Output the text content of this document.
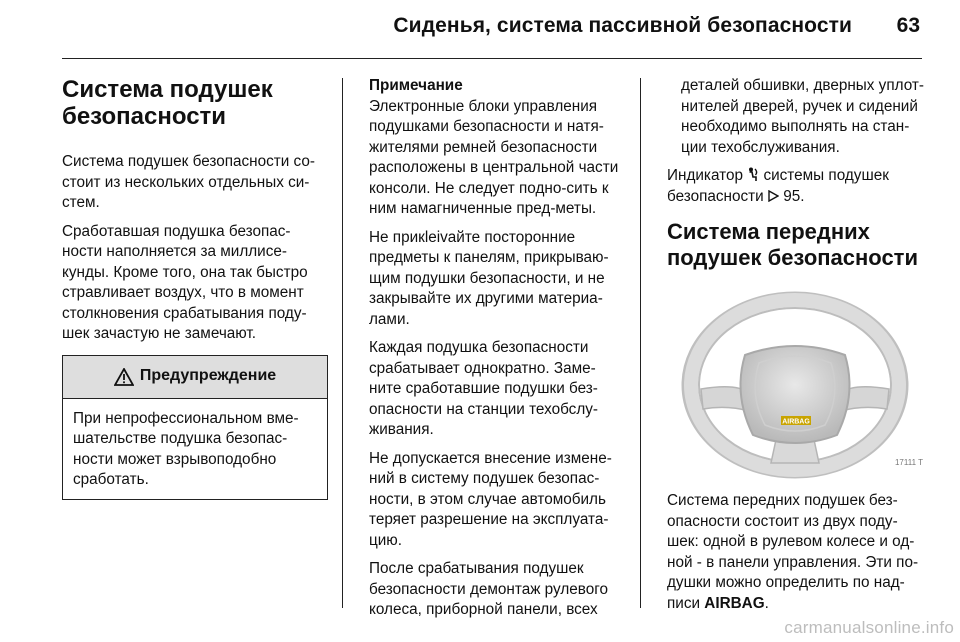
Сиденья, система пассивной безопасности 63
Система подушек безопасности

Система подушек безопасности со-стоит из нескольких отдельных си-стем.

Сработавшая подушка безопас-ности наполняется за миллисе-кунды. Кроме того, она так быстро стравливает воздух, что в момент столкновения срабатывания поду-шек зачастую не замечают.

Предупреждение
При непрофессиональном вме-шательстве подушка безопас-ности может взрывоподобно сработать.

Примечание
Электронные блоки управления подушками безопасности и натя-жителями ремней безопасности расположены в центральной части консоли. Не следует подно-сить к ним намагниченные пред-меты.

Не прикleivайте посторонние предметы к панелям, прикрываю-щим подушки безопасности, и не закрывайте их другими материа-лами.

Каждая подушка безопасности срабатывает однократно. Заме-ните сработавшие подушки без-опасности на станции техобслу-живания.

Не допускается внесение измене-ний в систему подушек безопас-ности, в этом случае автомобиль теряет разрешение на эксплуата-цию.

После срабатывания подушек безопасности демонтаж рулевого колеса, приборной панели, всех

деталей обшивки, дверных уплот-нителей дверей, ручек и сидений необходимо выполнять на стан-ции техобслуживания.

Индикатор системы подушек безопасности 95.

Система передних подушек безопасности
AIRBAG
17111 T

Система передних подушек без-опасности состоит из двух поду-шек: одной в рулевом колесе и од-ной - в панели управления. Эти по-душки можно определить по над-писи AIRBAG.

carmanualsonline.info
